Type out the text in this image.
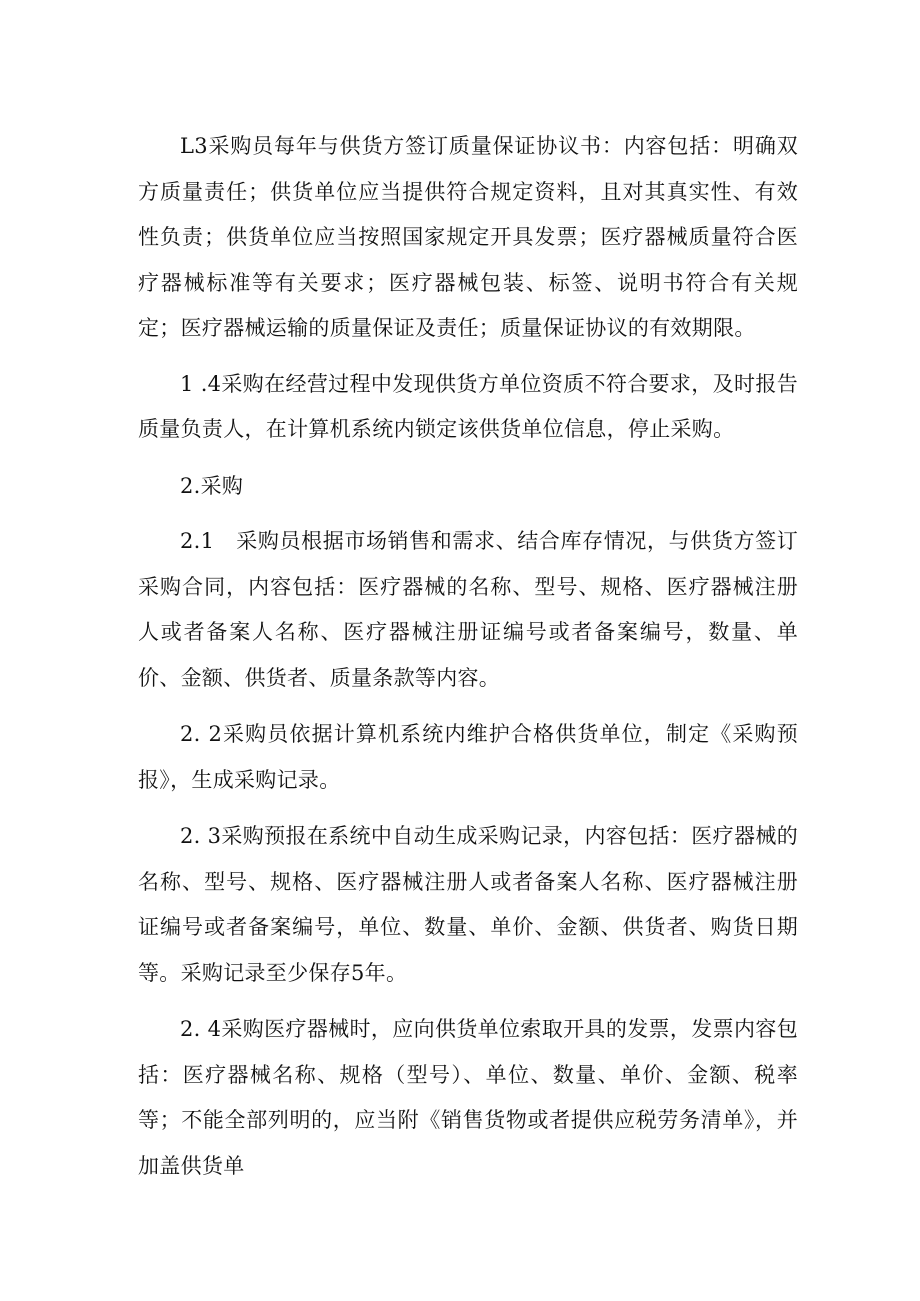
L3采购员每年与供货方签订质量保证协议书：内容包括：明确双方质量责任；供货单位应当提供符合规定资料，且对其真实性、有效性负责；供货单位应当按照国家规定开具发票；医疗器械质量符合医疗器械标准等有关要求；医疗器械包装、标签、说明书符合有关规定；医疗器械运输的质量保证及责任；质量保证协议的有效期限。

1 .4采购在经营过程中发现供货方单位资质不符合要求，及时报告质量负责人，在计算机系统内锁定该供货单位信息，停止采购。

2.采购

2.1　采购员根据市场销售和需求、结合库存情况，与供货方签订采购合同，内容包括：医疗器械的名称、型号、规格、医疗器械注册人或者备案人名称、医疗器械注册证编号或者备案编号，数量、单价、金额、供货者、质量条款等内容。

2. 2采购员依据计算机系统内维护合格供货单位，制定《采购预报》，生成采购记录。

2. 3采购预报在系统中自动生成采购记录，内容包括：医疗器械的名称、型号、规格、医疗器械注册人或者备案人名称、医疗器械注册证编号或者备案编号，单位、数量、单价、金额、供货者、购货日期等。采购记录至少保存5年。

2. 4采购医疗器械时，应向供货单位索取开具的发票，发票内容包括：医疗器械名称、规格（型号）、单位、数量、单价、金额、税率等；不能全部列明的，应当附《销售货物或者提供应税劳务清单》，并加盖供货单
